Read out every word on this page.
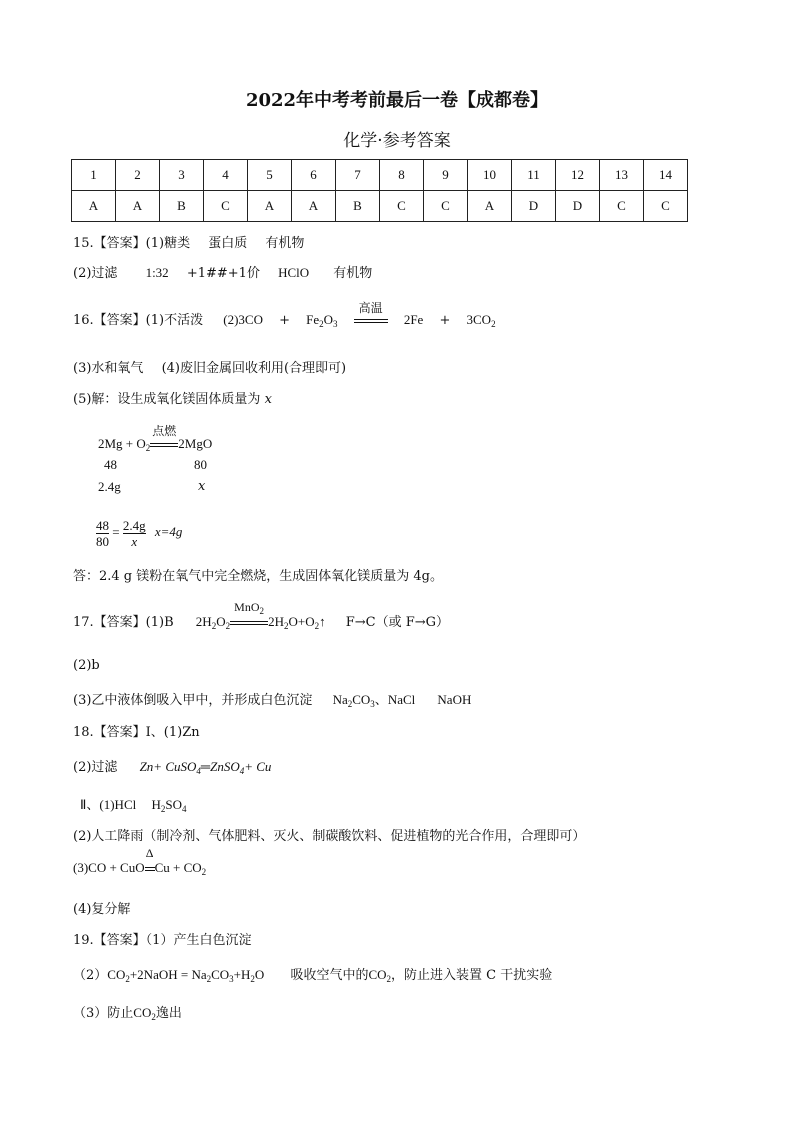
2022年中考考前最后一卷【成都卷】
化学·参考答案
1	2	3	4	5	6	7	8	9	10	11	12	13	14
A	A	B	C	A	A	B	C	C	A	D	D	C	C
15.【答案】(1)糖类 蛋白质 有机物
(2)过滤 1:32 +1##+1价 HClO 有机物
16.【答案】(1)不活泼 $(2)3CO + Fe_2O_3$
高温
$2Fe + 3CO_2$
(3)水和氧气 (4)废旧金属回收利用(合理即可)
(5)解：设生成氧化镁固体质量为 x
$2Mg + O_2$
点燃
2MgO
48	80
2.4g	x
$\frac{48}{80} = \frac{2.4g}{x} x=4g$
答：2.4 g 镁粉在氧气中完全燃烧，生成固体氧化镁质量为 4g。
17.【答案】(1)B $2H_2O_2$
MnO$_2$
$2H_2O+O_2↑$ F→C（或 F→G）
(2)b
(3)乙中液体倒吸入甲中，并形成白色沉淀 $Na_2CO_3$、NaCl NaOH
18.【答案】Ⅰ、(1)Zn
(2)过滤 Zn+ CuSO$_4$═ZnSO$_4$+ Cu
Ⅱ、(1)HCl $H_2SO_4$
(2)人工降雨（制冷剂、气体肥料、灭火、制碳酸饮料、促进植物的光合作用，合理即可）
(3)CO + CuO
Δ
$Cu + CO_2$
(4)复分解
19.【答案】（1）产生白色沉淀
$(2)CO_2+2NaOH = Na_2CO_3+H_2O$ 吸收空气中的$CO_2$，防止进入装置 C 干扰实验
（3）防止$CO_2$逸出
